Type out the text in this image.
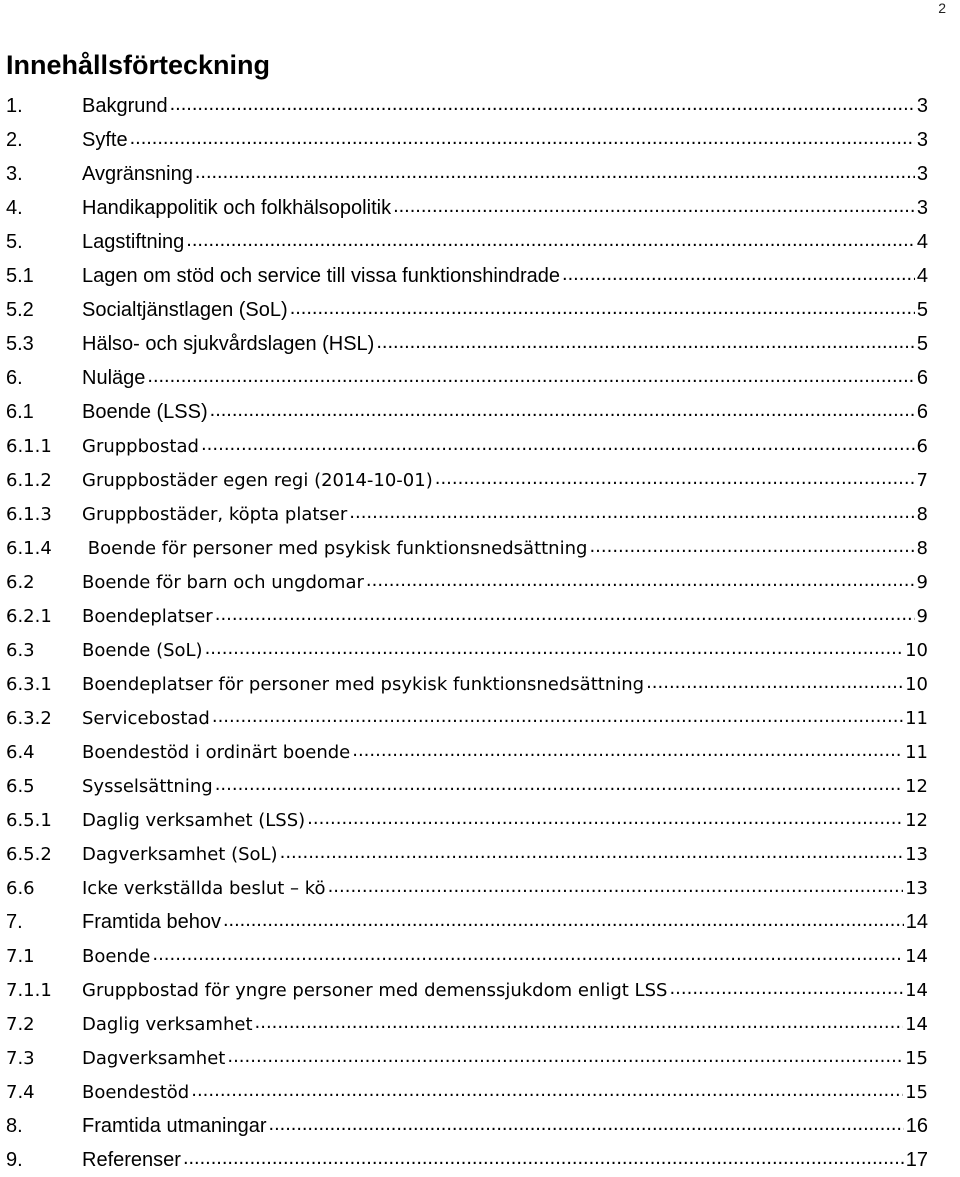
2
Innehållsförteckning
1.	Bakgrund .....	3
2.	Syfte .....	3
3.	Avgränsning .....	3
4.	Handikappolitik och folkhälsopolitik .....	3
5.	Lagstiftning .....	4
5.1	Lagen om stöd och service till vissa funktionshindrade .....	4
5.2	Socialtjänstlagen (SoL) .....	5
5.3	Hälso- och sjukvårdslagen (HSL) .....	5
6.	Nuläge .....	6
6.1	Boende (LSS) .....	6
6.1.1	Gruppbostad .....	6
6.1.2	Gruppbostäder egen regi (2014-10-01) .....	7
6.1.3	Gruppbostäder, köpta platser .....	8
6.1.4	Boende för personer med psykisk funktionsnedsättning .....	8
6.2	Boende för barn och ungdomar .....	9
6.2.1	Boendeplatser .....	9
6.3	Boende (SoL) .....	10
6.3.1	Boendeplatser för personer med psykisk funktionsnedsättning .....	10
6.3.2	Servicebostad .....	11
6.4	Boendestöd i ordinärt boende .....	11
6.5	Sysselsättning .....	12
6.5.1	Daglig verksamhet (LSS) .....	12
6.5.2	Dagverksamhet (SoL) .....	13
6.6	Icke verkställda beslut – kö .....	13
7.	Framtida behov .....	14
7.1	Boende .....	14
7.1.1	Gruppbostad för yngre personer med demenssjukdom enligt LSS .....	14
7.2	Daglig verksamhet .....	14
7.3	Dagverksamhet .....	15
7.4	Boendestöd .....	15
8.	Framtida utmaningar .....	16
9.	Referenser .....	17
